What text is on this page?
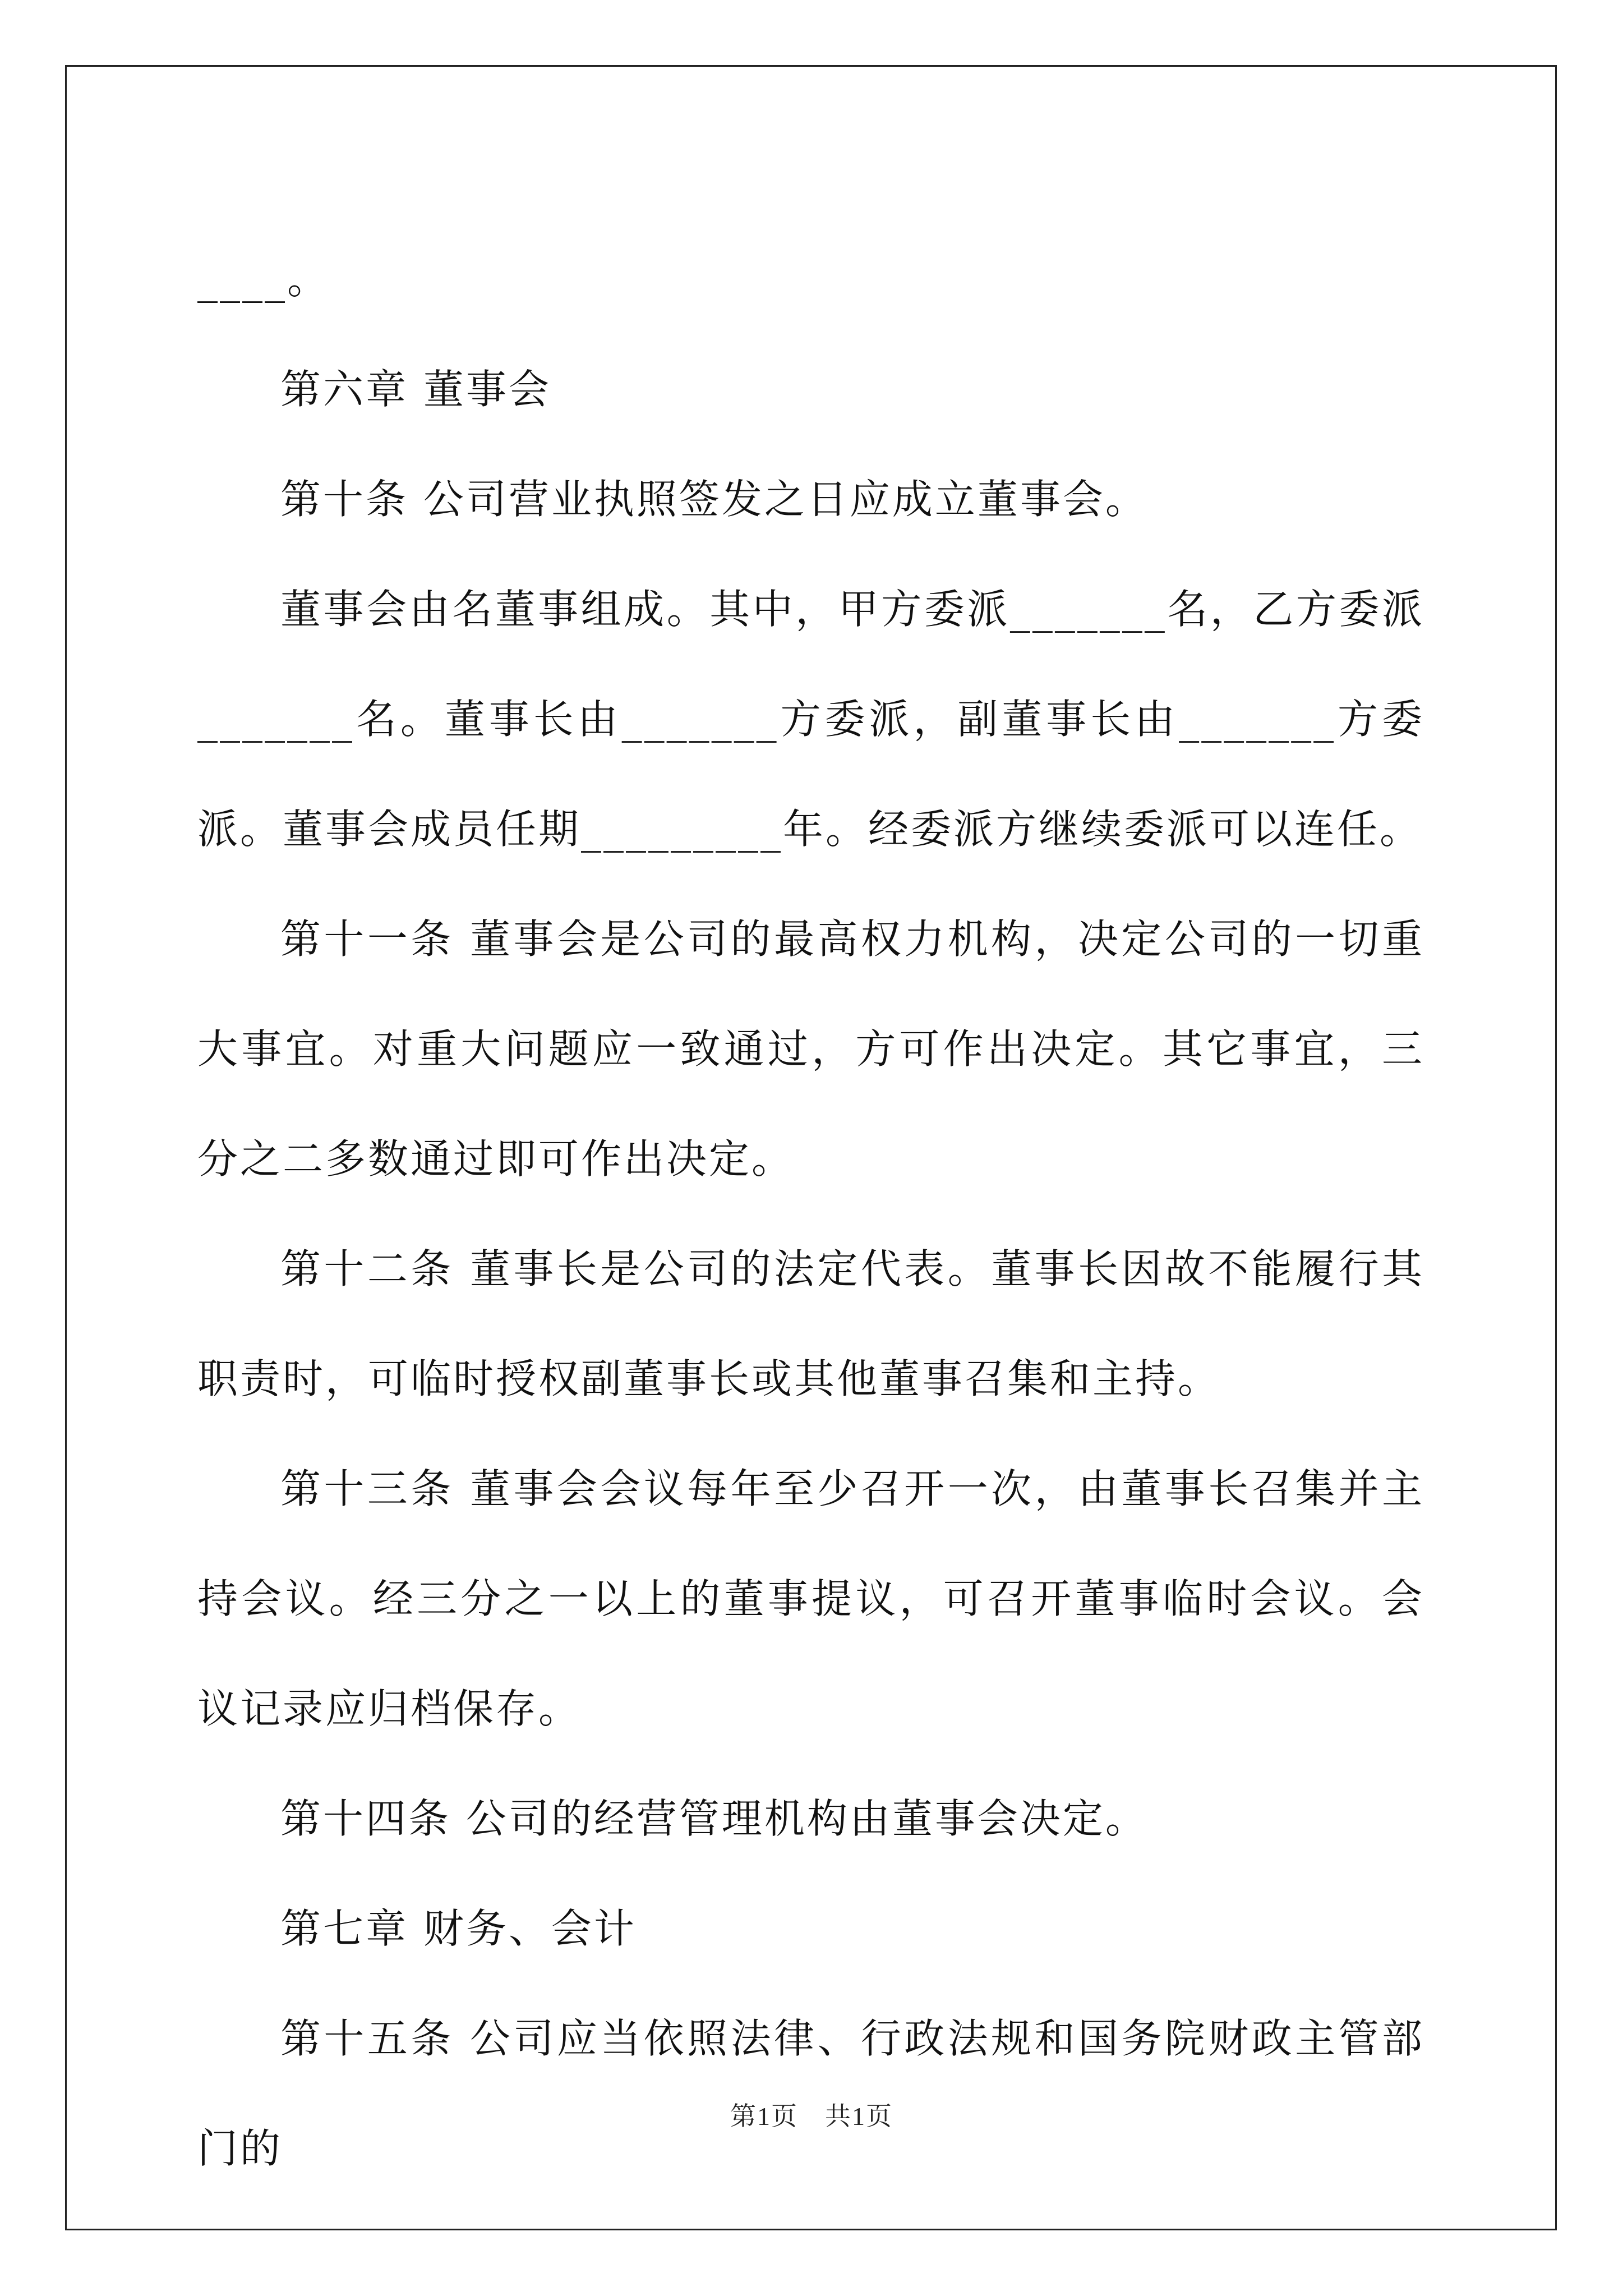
____。

第六章 董事会

第十条 公司营业执照签发之日应成立董事会。

董事会由名董事组成。其中，甲方委派_______名，乙方委派_______名。董事长由_______方委派，副董事长由_______方委派。董事会成员任期_________年。经委派方继续委派可以连任。

第十一条 董事会是公司的最高权力机构，决定公司的一切重大事宜。对重大问题应一致通过，方可作出决定。其它事宜，三分之二多数通过即可作出决定。

第十二条 董事长是公司的法定代表。董事长因故不能履行其职责时，可临时授权副董事长或其他董事召集和主持。

第十三条 董事会会议每年至少召开一次，由董事长召集并主持会议。经三分之一以上的董事提议，可召开董事临时会议。会议记录应归档保存。

第十四条 公司的经营管理机构由董事会决定。

第七章 财务、会计

第十五条 公司应当依照法律、行政法规和国务院财政主管部门的

第1页　共1页
